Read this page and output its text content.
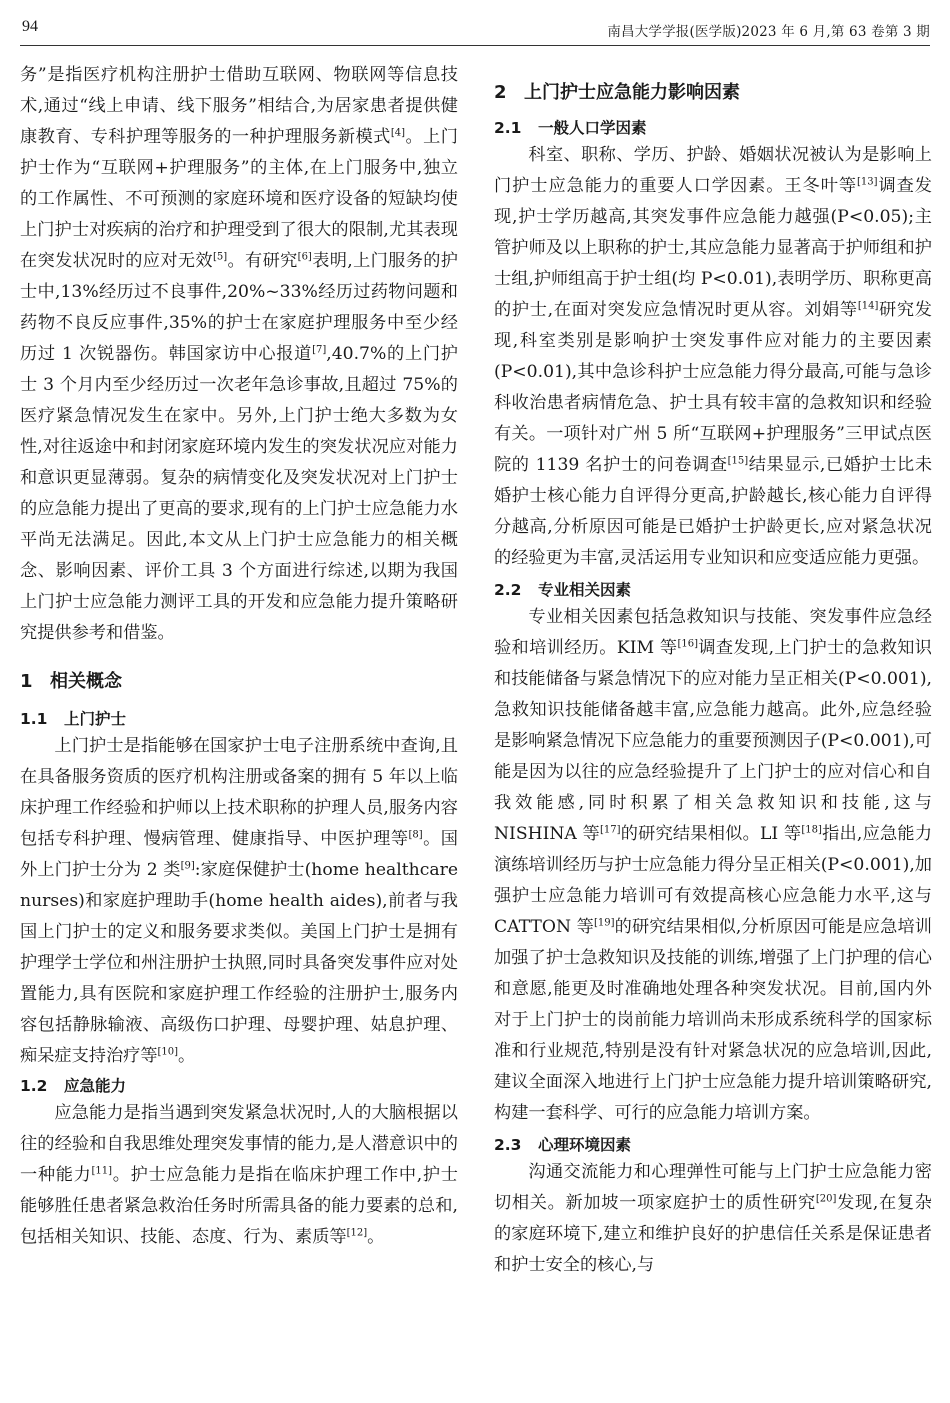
94	南昌大学学报(医学版)2023 年 6 月,第 63 卷第 3 期

务”是指医疗机构注册护士借助互联网、物联网等信息技术,通过“线上申请、线下服务”相结合,为居家患者提供健康教育、专科护理等服务的一种护理服务新模式[4]。上门护士作为“互联网+护理服务”的主体,在上门服务中,独立的工作属性、不可预测的家庭环境和医疗设备的短缺均使上门护士对疾病的治疗和护理受到了很大的限制,尤其表现在突发状况时的应对无效[5]。有研究[6]表明,上门服务的护士中,13%经历过不良事件,20%~33%经历过药物问题和药物不良反应事件,35%的护士在家庭护理服务中至少经历过 1 次锐器伤。韩国家访中心报道[7],40.7%的上门护士 3 个月内至少经历过一次老年急诊事故,且超过 75%的医疗紧急情况发生在家中。另外,上门护士绝大多数为女性,对往返途中和封闭家庭环境内发生的突发状况应对能力和意识更显薄弱。复杂的病情变化及突发状况对上门护士的应急能力提出了更高的要求,现有的上门护士应急能力水平尚无法满足。因此,本文从上门护士应急能力的相关概念、影响因素、评价工具 3 个方面进行综述,以期为我国上门护士应急能力测评工具的开发和应急能力提升策略研究提供参考和借鉴。

1 相关概念
1.1 上门护士

上门护士是指能够在国家护士电子注册系统中查询,且在具备服务资质的医疗机构注册或备案的拥有 5 年以上临床护理工作经验和护师以上技术职称的护理人员,服务内容包括专科护理、慢病管理、健康指导、中医护理等[8]。国外上门护士分为 2 类[9]:家庭保健护士(home healthcare nurses)和家庭护理助手(home health aides),前者与我国上门护士的定义和服务要求类似。美国上门护士是拥有护理学士学位和州注册护士执照,同时具备突发事件应对处置能力,具有医院和家庭护理工作经验的注册护士,服务内容包括静脉输液、高级伤口护理、母婴护理、姑息护理、痴呆症支持治疗等[10]。

1.2 应急能力

应急能力是指当遇到突发紧急状况时,人的大脑根据以往的经验和自我思维处理突发事情的能力,是人潜意识中的一种能力[11]。护士应急能力是指在临床护理工作中,护士能够胜任患者紧急救治任务时所需具备的能力要素的总和,包括相关知识、技能、态度、行为、素质等[12]。

2 上门护士应急能力影响因素
2.1 一般人口学因素

科室、职称、学历、护龄、婚姻状况被认为是影响上门护士应急能力的重要人口学因素。王冬叶等[13]调查发现,护士学历越高,其突发事件应急能力越强(P<0.05);主管护师及以上职称的护士,其应急能力显著高于护师组和护士组,护师组高于护士组(均 P<0.01),表明学历、职称更高的护士,在面对突发应急情况时更从容。刘娟等[14]研究发现,科室类别是影响护士突发事件应对能力的主要因素(P<0.01),其中急诊科护士应急能力得分最高,可能与急诊科收治患者病情危急、护士具有较丰富的急救知识和经验有关。一项针对广州 5 所“互联网+护理服务”三甲试点医院的 1139 名护士的问卷调查[15]结果显示,已婚护士比未婚护士核心能力自评得分更高,护龄越长,核心能力自评得分越高,分析原因可能是已婚护士护龄更长,应对紧急状况的经验更为丰富,灵活运用专业知识和应变适应能力更强。

2.2 专业相关因素

专业相关因素包括急救知识与技能、突发事件应急经验和培训经历。KIM 等[16]调查发现,上门护士的急救知识和技能储备与紧急情况下的应对能力呈正相关(P<0.001),急救知识技能储备越丰富,应急能力越高。此外,应急经验是影响紧急情况下应急能力的重要预测因子(P<0.001),可能是因为以往的应急经验提升了上门护士的应对信心和自我效能感,同时积累了相关急救知识和技能,这与 NISHINA 等[17]的研究结果相似。LI 等[18]指出,应急能力演练培训经历与护士应急能力得分呈正相关(P<0.001),加强护士应急能力培训可有效提高核心应急能力水平,这与 CATTON 等[19]的研究结果相似,分析原因可能是应急培训加强了护士急救知识及技能的训练,增强了上门护理的信心和意愿,能更及时准确地处理各种突发状况。目前,国内外对于上门护士的岗前能力培训尚未形成系统科学的国家标准和行业规范,特别是没有针对紧急状况的应急培训,因此,建议全面深入地进行上门护士应急能力提升培训策略研究,构建一套科学、可行的应急能力培训方案。

2.3 心理环境因素

沟通交流能力和心理弹性可能与上门护士应急能力密切相关。新加坡一项家庭护士的质性研究[20]发现,在复杂的家庭环境下,建立和维护良好的护患信任关系是保证患者和护士安全的核心,与
